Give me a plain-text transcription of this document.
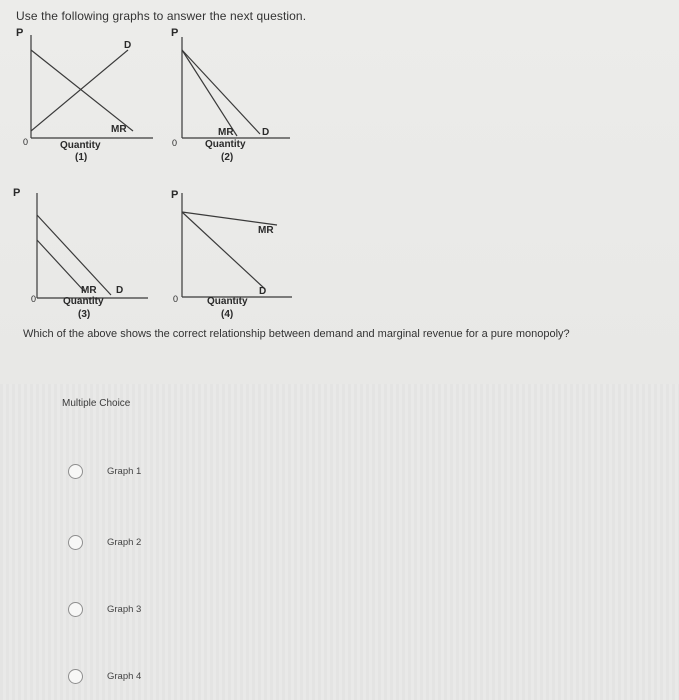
Use the following graphs to answer the next question.
P
0
D
MR
Quantity
(1)
P
0
MR	D
Quantity
(2)
P
0
MR D
Quantity
(3)
P
0
MR
D
Quantity
(4)
Which of the above shows the correct relationship between demand and marginal revenue for a pure monopoly?
Multiple Choice
Graph 1
Graph 2
Graph 3
Graph 4
